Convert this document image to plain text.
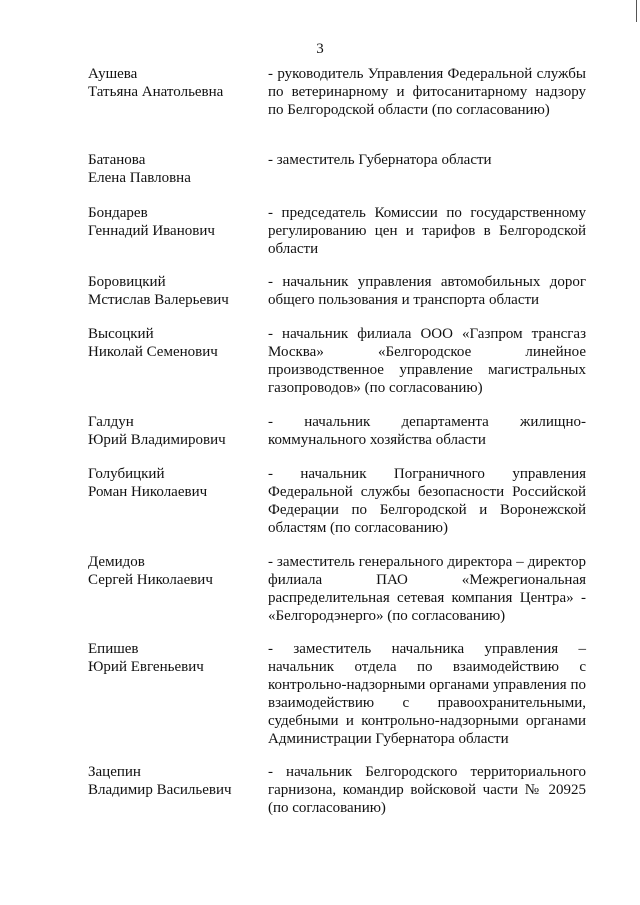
3
Аушева
Татьяна Анатольевна
- руководитель Управления Федеральной службы по ветеринарному и фитосанитарному надзору по Белгородской области (по согласованию)
Батанова
Елена Павловна
- заместитель Губернатора области
Бондарев
Геннадий Иванович
- председатель Комиссии по государственному регулированию цен и тарифов в Белгородской области
Боровицкий
Мстислав Валерьевич
- начальник управления автомобильных дорог общего пользования и транспорта области
Высоцкий
Николай Семенович
- начальник филиала ООО «Газпром трансгаз Москва» «Белгородское линейное производственное управление магистральных газопроводов» (по согласованию)
Галдун
Юрий Владимирович
- начальник департамента жилищно-коммунального хозяйства области
Голубицкий
Роман Николаевич
- начальник Пограничного управления Федеральной службы безопасности Российской Федерации по Белгородской и Воронежской областям (по согласованию)
Демидов
Сергей Николаевич
- заместитель генерального директора – директор филиала ПАО «Межрегиональная распределительная сетевая компания Центра» - «Белгородэнерго» (по согласованию)
Епишев
Юрий Евгеньевич
- заместитель начальника управления – начальник отдела по взаимодействию с контрольно-надзорными органами управления по взаимодействию с правоохранительными, судебными и контрольно-надзорными органами Администрации Губернатора области
Зацепин
Владимир Васильевич
- начальник Белгородского территориального гарнизона, командир войсковой части № 20925 (по согласованию)
